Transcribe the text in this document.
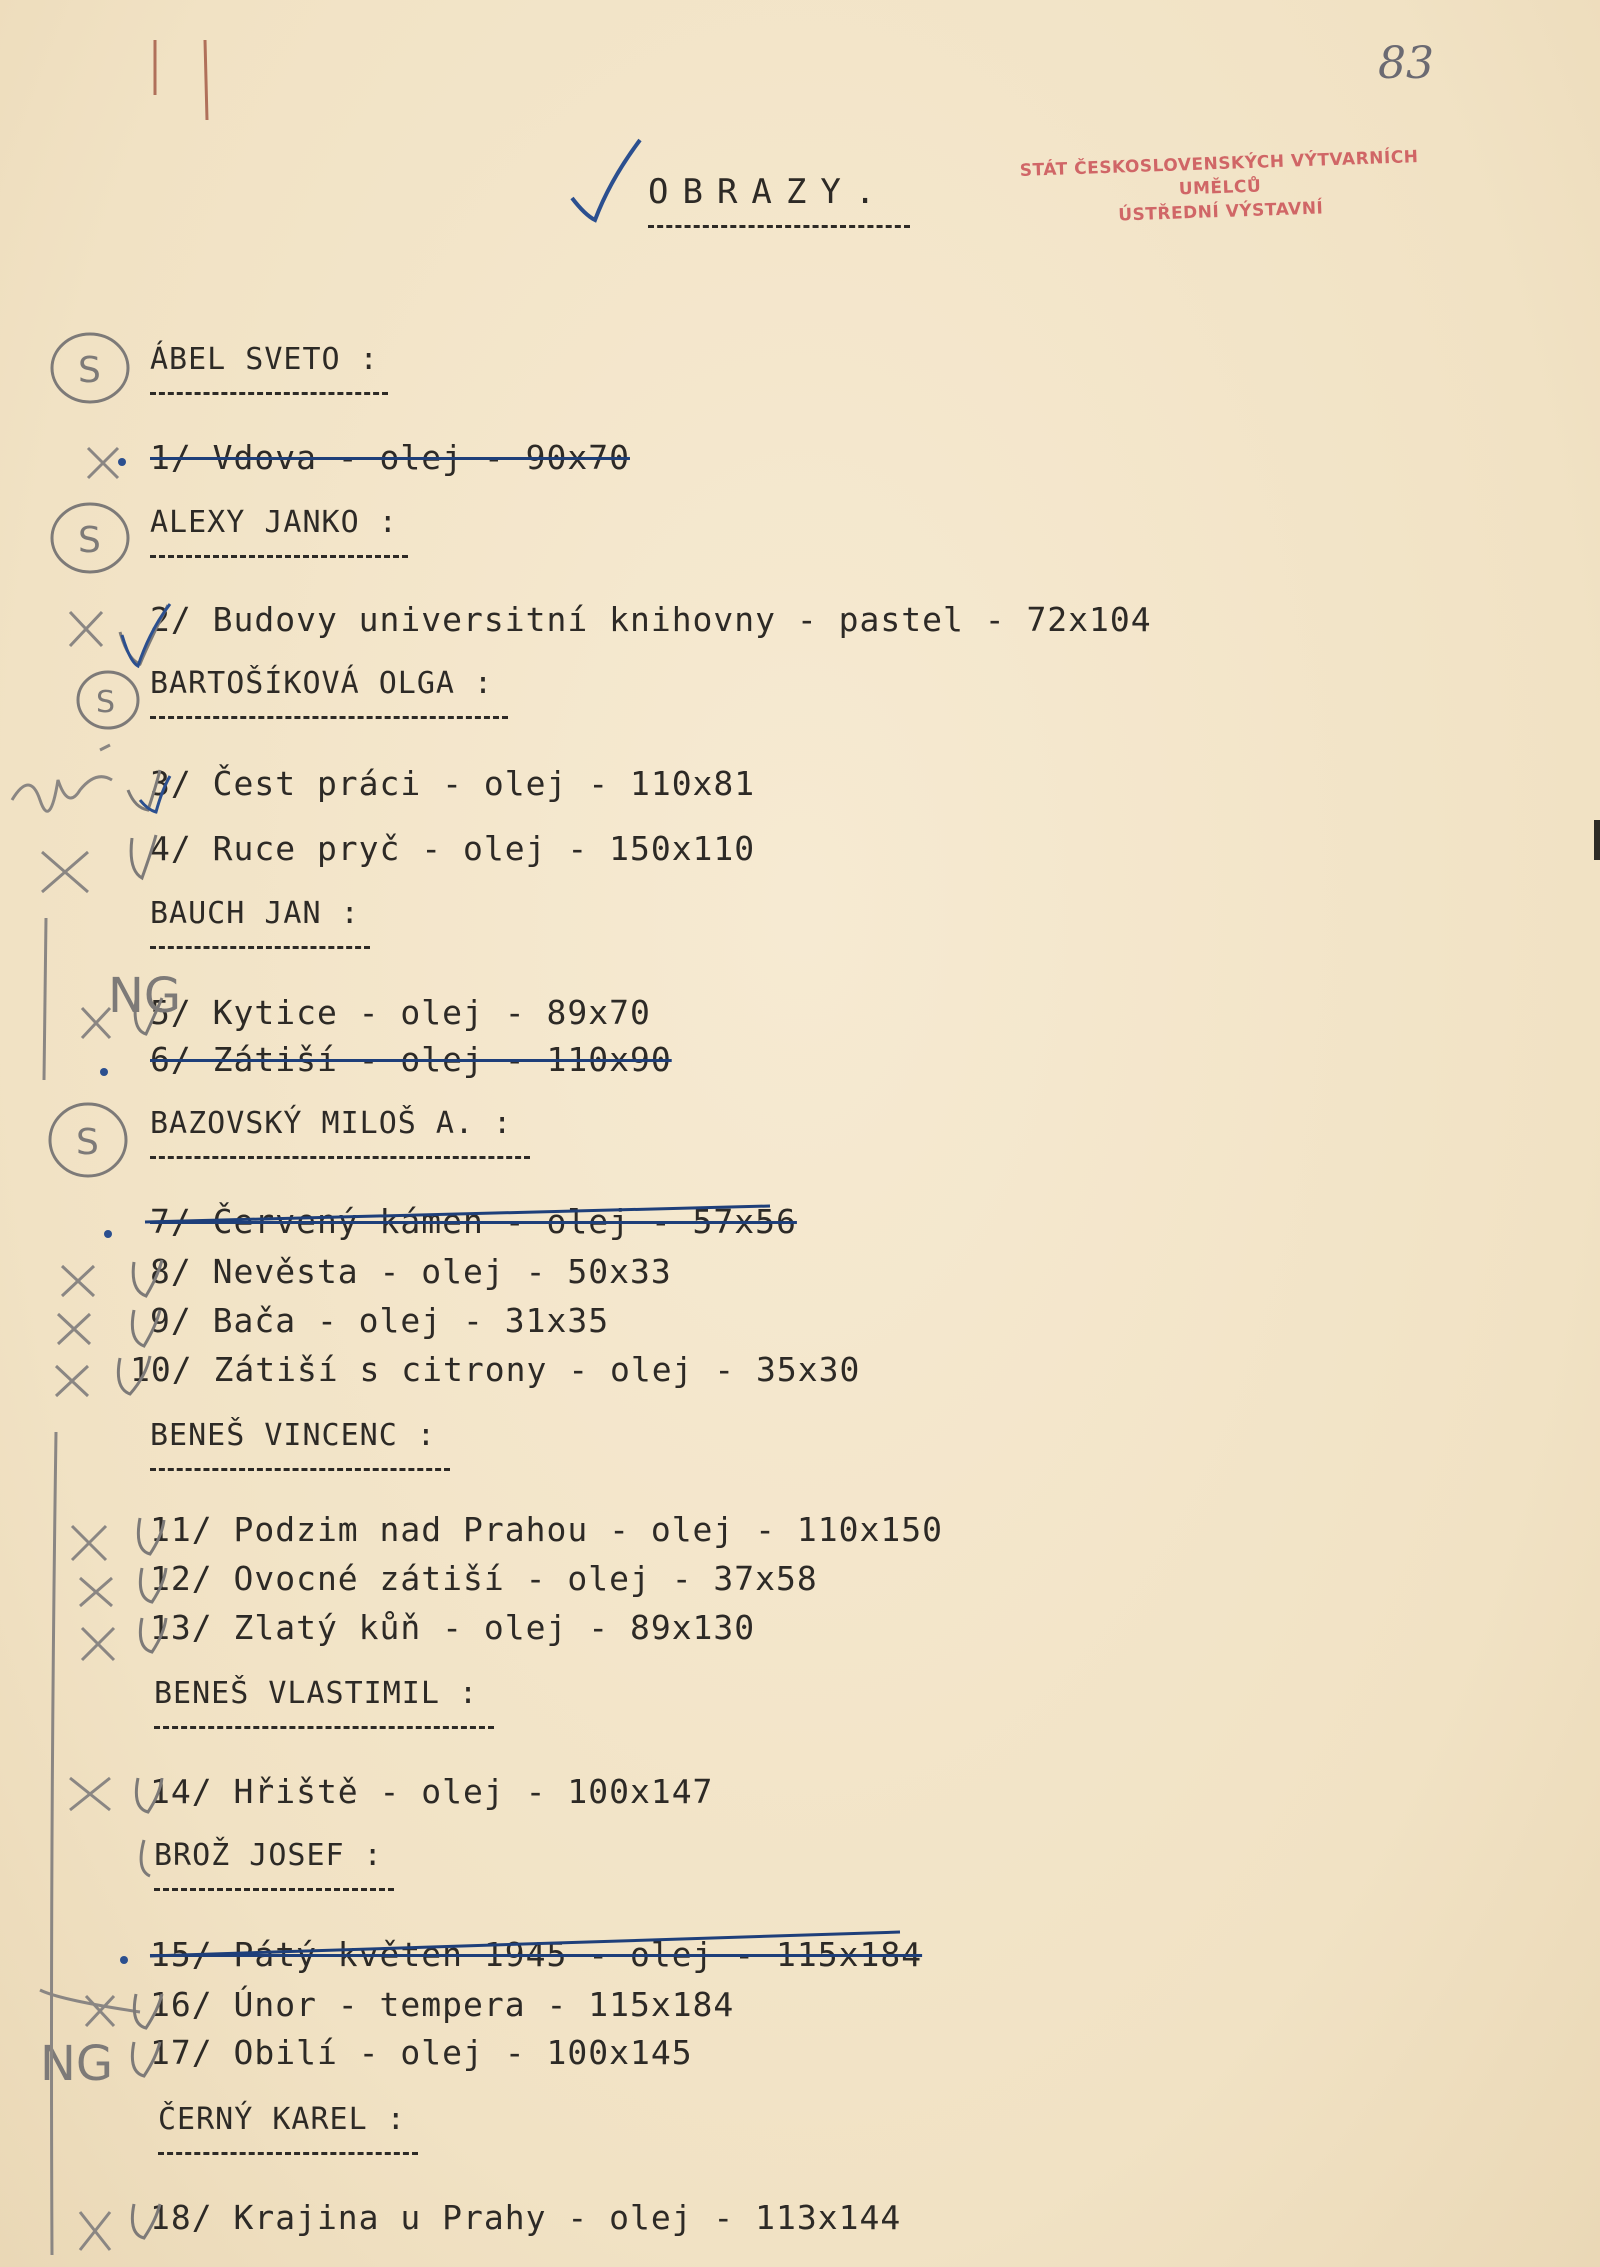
83
STÁT ČESKOSLOVENSKÝCH VÝTVARNÍCH UMĚLCŮ
ÚSTŘEDNÍ VÝSTAVNÍ
OBRAZY.
ÁBEL SVETO :
1/ Vdova - olej - 90x70
ALEXY JANKO :
2/ Budovy universitní knihovny - pastel - 72x104
BARTOŠÍKOVÁ OLGA :
3/ Čest práci - olej - 110x81
4/ Ruce pryč - olej - 150x110
BAUCH JAN :
5/ Kytice - olej - 89x70
6/ Zátiší - olej - 110x90
BAZOVSKÝ MILOŠ A. :
7/ Červený kámen - olej - 57x56
8/ Nevěsta - olej - 50x33
9/ Bača - olej - 31x35
10/ Zátiší s citrony - olej - 35x30
BENEŠ VINCENC :
11/ Podzim nad Prahou - olej - 110x150
12/ Ovocné zátiší - olej - 37x58
13/ Zlatý kůň - olej - 89x130
BENEŠ VLASTIMIL :
14/ Hřiště - olej - 100x147
BROŽ JOSEF :
15/ Pátý květen 1945 - olej - 115x184
16/ Únor - tempera - 115x184
17/ Obilí - olej - 100x145
ČERNÝ KAREL :
18/ Krajina u Prahy - olej - 113x144
S
S
S
S
NG
NG
